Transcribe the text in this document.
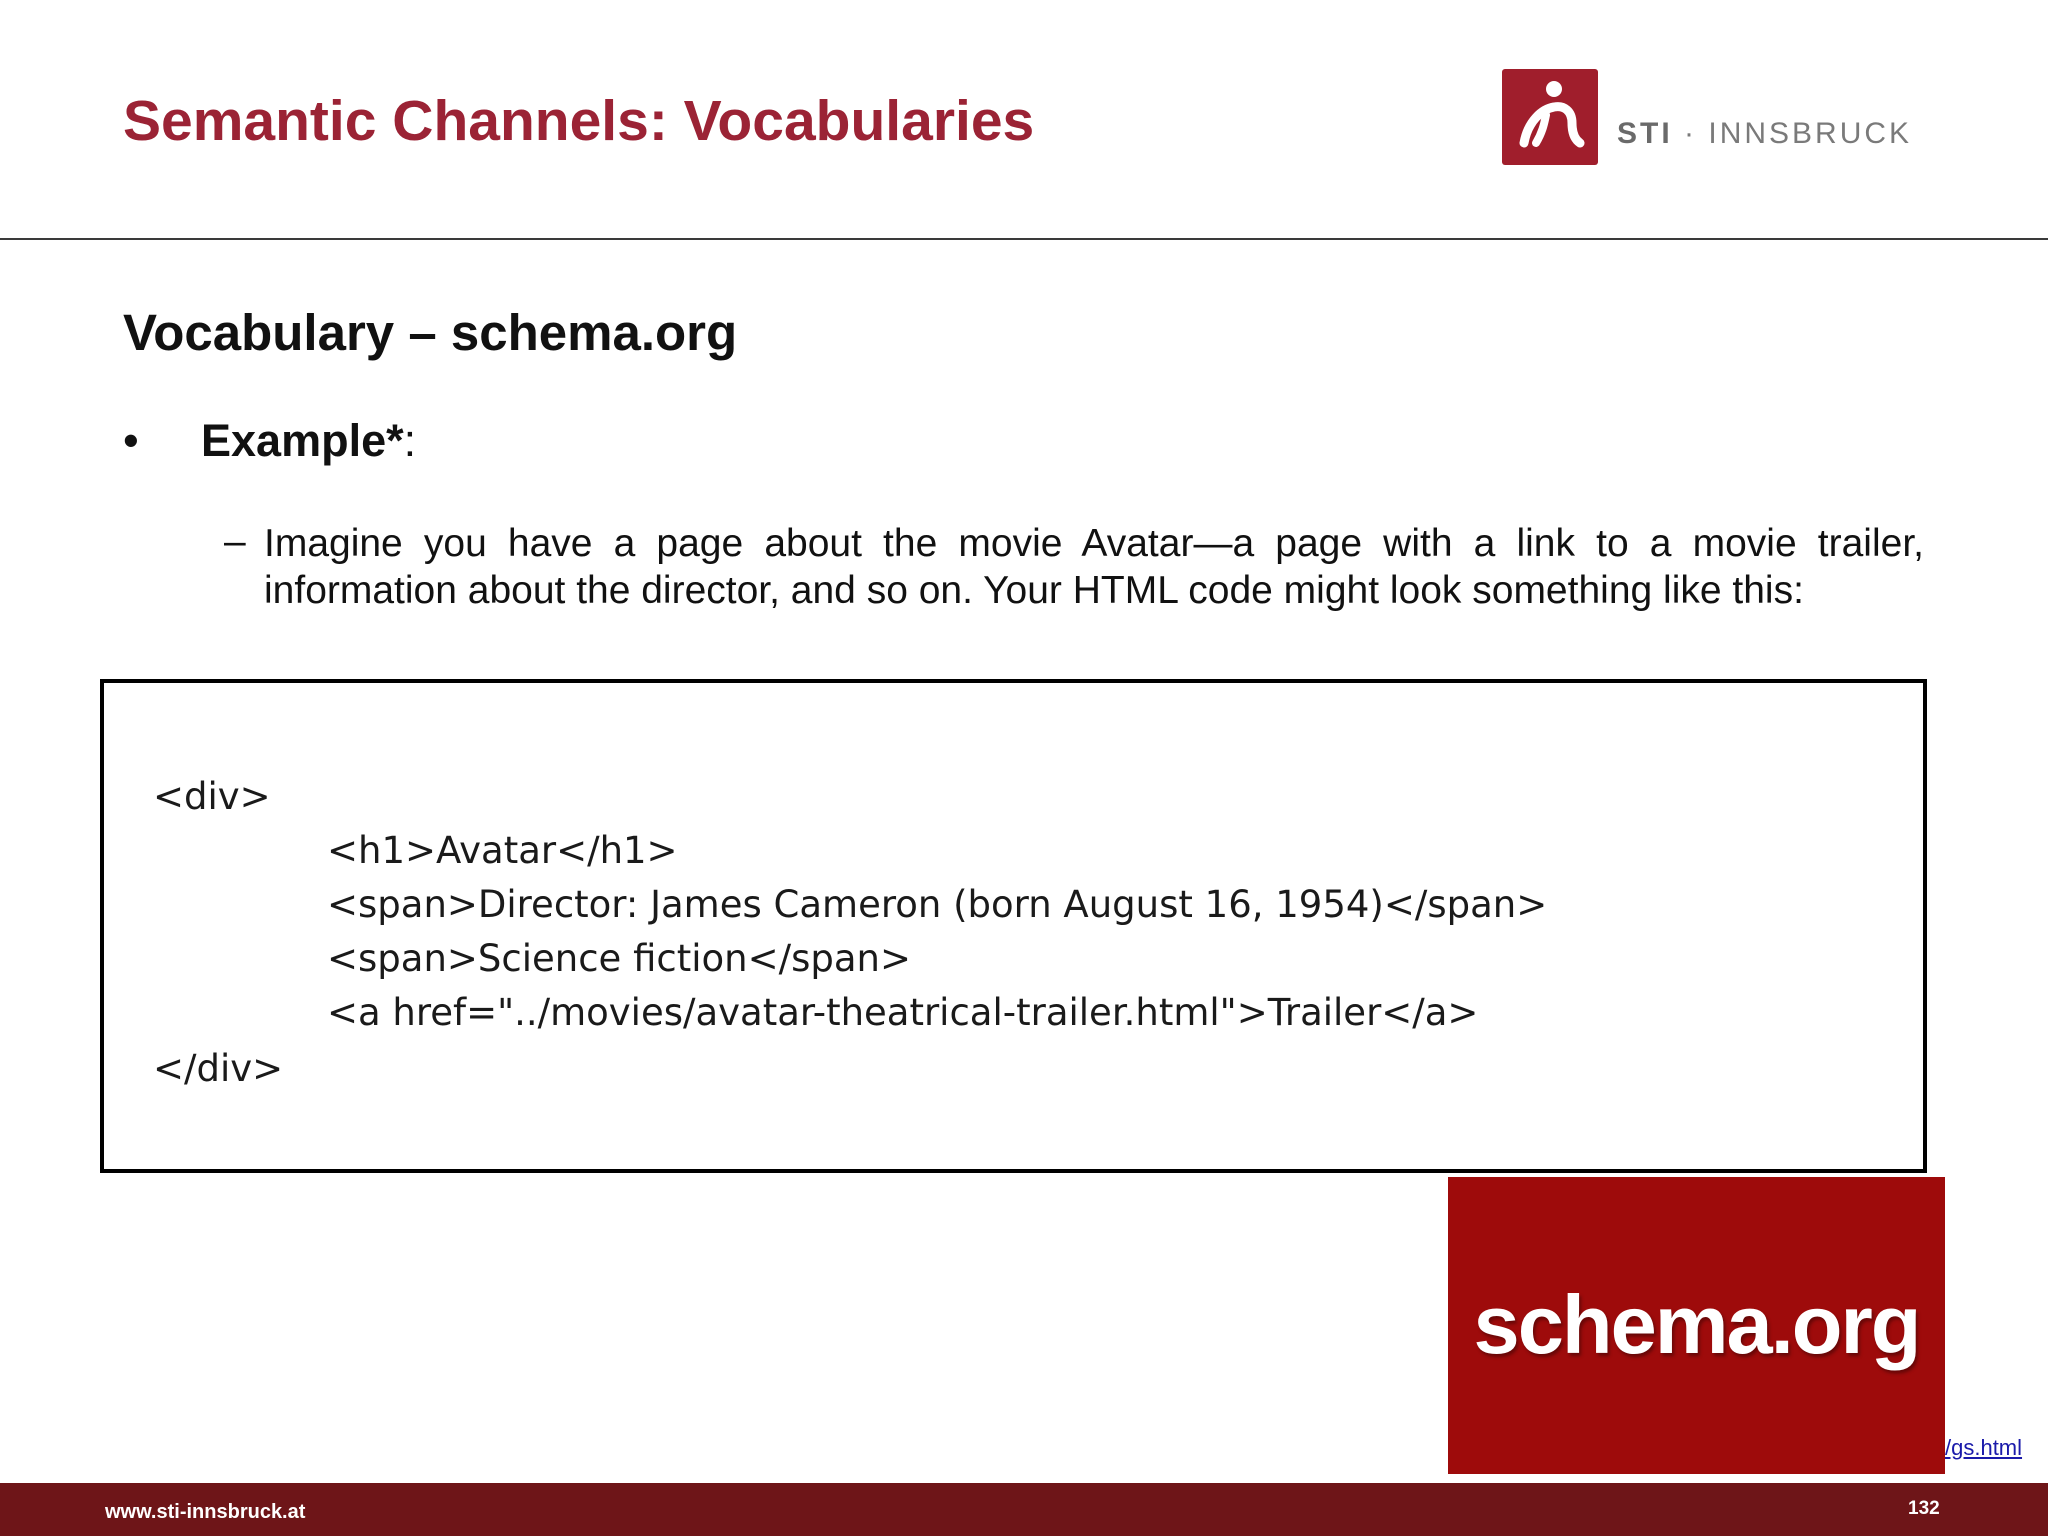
Semantic Channels: Vocabularies	STI · INNSBRUCK
Vocabulary – schema.org
• Example*:
– Imagine you have a page about the movie Avatar—a page with a link to a movie trailer, information about the director, and so on. Your HTML code might look something like this:
<div>
<h1>Avatar</h1>
<span>Director: James Cameron (born August 16, 1954)</span>
<span>Science fiction</span>
<a href="../movies/avatar-theatrical-trailer.html">Trailer</a>
</div>
/gs.html
schema.org
www.sti-innsbruck.at	132
